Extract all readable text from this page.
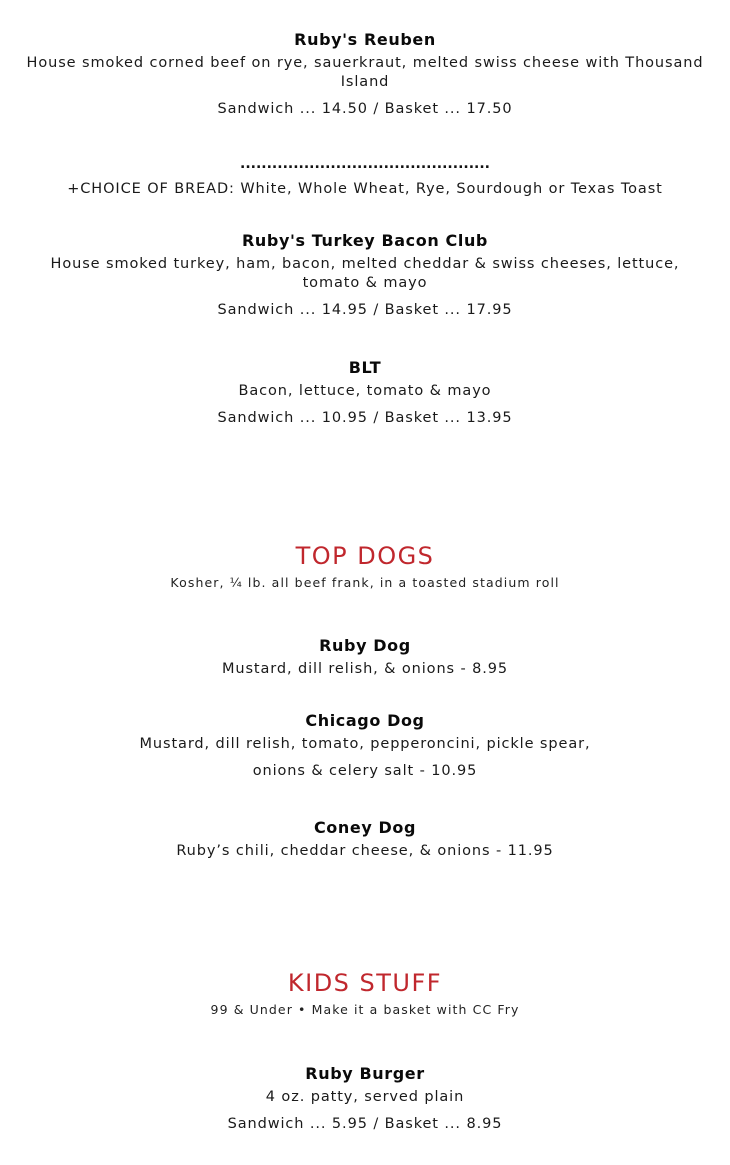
Ruby's Reuben
House smoked corned beef on rye, sauerkraut, melted swiss cheese with Thousand Island
Sandwich ... 14.50 / Basket ... 17.50
...............................................
+CHOICE OF BREAD: White, Whole Wheat, Rye, Sourdough or Texas Toast
Ruby's Turkey Bacon Club
House smoked turkey, ham, bacon, melted cheddar & swiss cheeses, lettuce, tomato & mayo
Sandwich ... 14.95 / Basket ... 17.95
BLT
Bacon, lettuce, tomato & mayo
Sandwich ... 10.95 / Basket ... 13.95
TOP DOGS
Kosher, ¼ lb. all beef frank, in a toasted stadium roll
Ruby Dog
Mustard, dill relish, & onions - 8.95
Chicago Dog
Mustard, dill relish, tomato, pepperoncini, pickle spear,
onions & celery salt - 10.95
Coney Dog
Ruby’s chili, cheddar cheese, & onions - 11.95
KIDS STUFF
99 & Under • Make it a basket with CC Fry
Ruby Burger
4 oz. patty, served plain
Sandwich ... 5.95 / Basket ... 8.95
